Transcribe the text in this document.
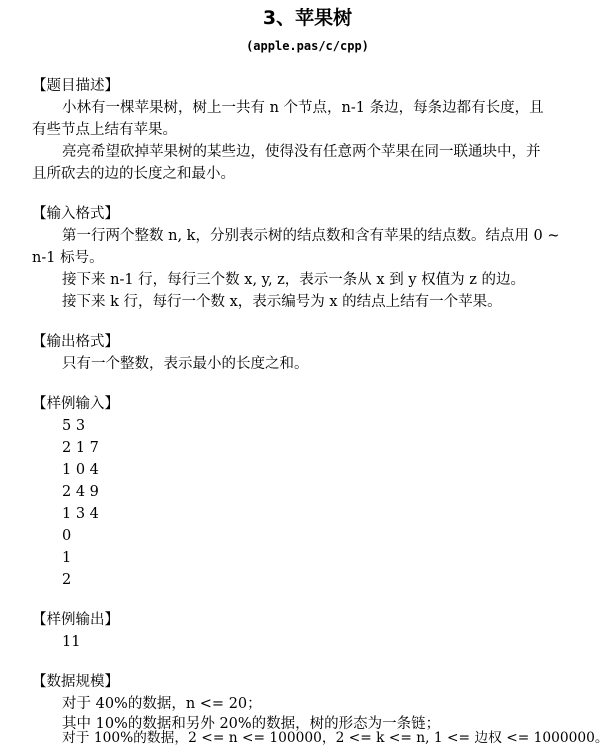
3、苹果树
(apple.pas/c/cpp)
【题目描述】
小林有一棵苹果树，树上一共有 n 个节点，n-1 条边，每条边都有长度，且
有些节点上结有苹果。
亮亮希望砍掉苹果树的某些边，使得没有任意两个苹果在同一联通块中，并
且所砍去的边的长度之和最小。
【输入格式】
第一行两个整数 n, k，分别表示树的结点数和含有苹果的结点数。结点用 0 ~
n-1 标号。
接下来 n-1 行，每行三个数 x, y, z，表示一条从 x 到 y 权值为 z 的边。
接下来 k 行，每行一个数 x，表示编号为 x 的结点上结有一个苹果。
【输出格式】
只有一个整数，表示最小的长度之和。
【样例输入】
5 3
2 1 7
1 0 4
2 4 9
1 3 4
0
1
2
【样例输出】
11
【数据规模】
对于 40%的数据，n <= 20；
其中 10%的数据和另外 20%的数据，树的形态为一条链；
对于 100%的数据，2 <= n <= 100000，2 <= k <= n, 1 <= 边权 <= 1000000。
